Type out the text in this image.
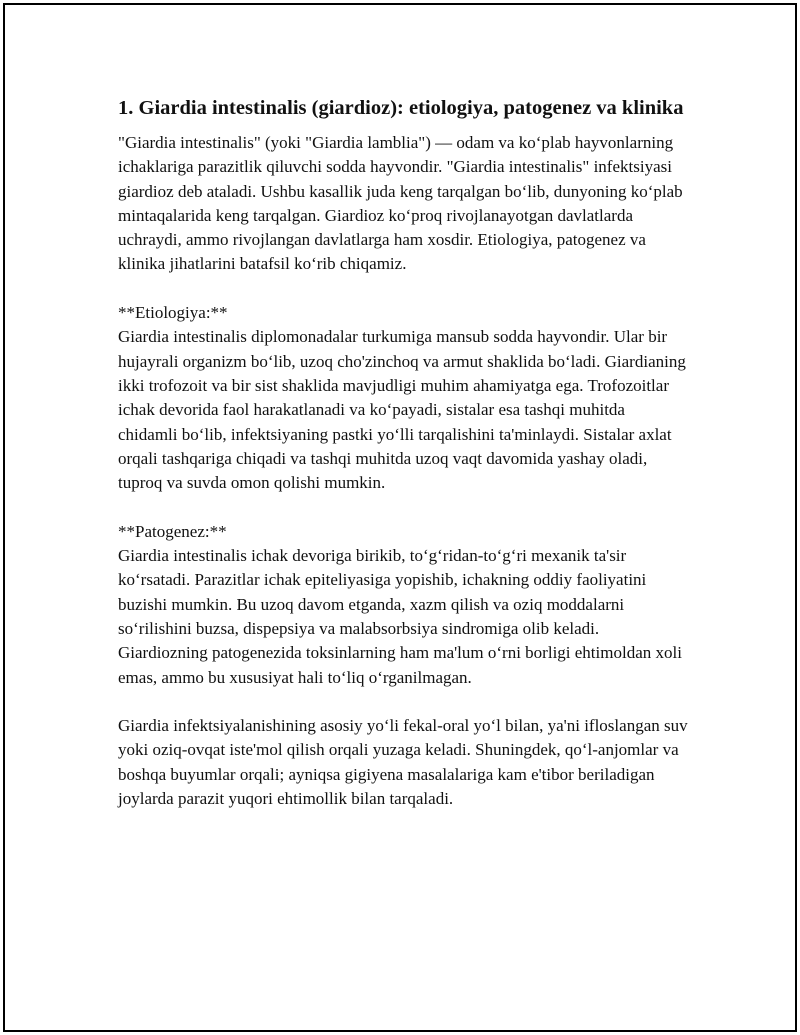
1. Giardia intestinalis (giardioz): etiologiya, patogenez va klinika

"Giardia intestinalis" (yoki "Giardia lamblia") — odam va ko‘plab hayvonlarning ichaklariga parazitlik qiluvchi sodda hayvondir. "Giardia intestinalis" infektsiyasi giardioz deb ataladi. Ushbu kasallik juda keng tarqalgan bo‘lib, dunyoning ko‘plab mintaqalarida keng tarqalgan. Giardioz ko‘proq rivojlanayotgan davlatlarda uchraydi, ammo rivojlangan davlatlarga ham xosdir. Etiologiya, patogenez va klinika jihatlarini batafsil ko‘rib chiqamiz.

**Etiologiya:**
Giardia intestinalis diplomonadalar turkumiga mansub sodda hayvondir. Ular bir hujayrali organizm bo‘lib, uzoq cho'zinchoq va armut shaklida bo‘ladi. Giardianing ikki trofozoit va bir sist shaklida mavjudligi muhim ahamiyatga ega. Trofozoitlar ichak devorida faol harakatlanadi va ko‘payadi, sistalar esa tashqi muhitda chidamli bo‘lib, infektsiyaning pastki yo‘lli tarqalishini ta'minlaydi. Sistalar axlat orqali tashqariga chiqadi va tashqi muhitda uzoq vaqt davomida yashay oladi, tuproq va suvda omon qolishi mumkin.

**Patogenez:**
Giardia intestinalis ichak devoriga birikib, to‘g‘ridan-to‘g‘ri mexanik ta'sir ko‘rsatadi. Parazitlar ichak epiteliyasiga yopishib, ichakning oddiy faoliyatini buzishi mumkin. Bu uzoq davom etganda, xazm qilish va oziq moddalarni so‘rilishini buzsa, dispepsiya va malabsorbsiya sindromiga olib keladi. Giardiozning patogenezida toksinlarning ham ma'lum o‘rni borligi ehtimoldan xoli emas, ammo bu xususiyat hali to‘liq o‘rganilmagan.

Giardia infektsiyalanishining asosiy yo‘li fekal-oral yo‘l bilan, ya'ni ifloslangan suv yoki oziq-ovqat iste'mol qilish orqali yuzaga keladi. Shuningdek, qo‘l-anjomlar va boshqa buyumlar orqali; ayniqsa gigiyena masalalariga kam e'tibor beriladigan joylarda parazit yuqori ehtimollik bilan tarqaladi.
